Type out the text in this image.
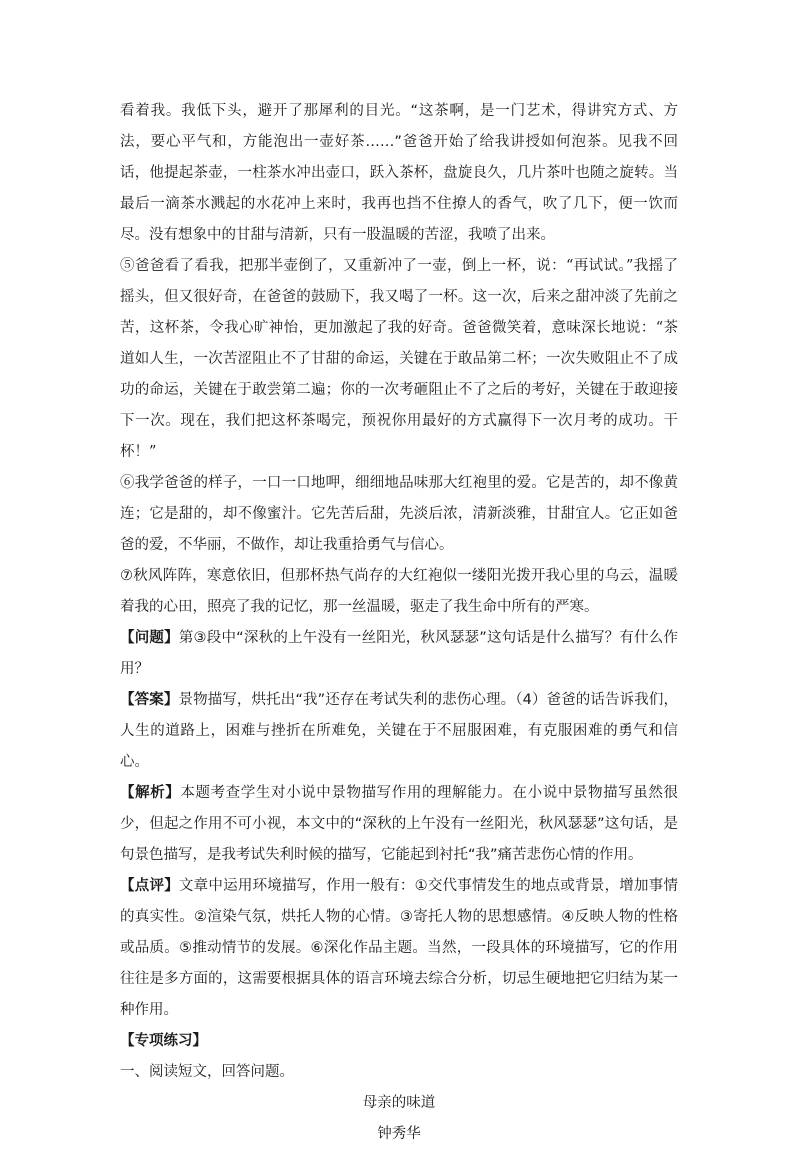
看着我。我低下头，避开了那犀利的目光。“这茶啊，是一门艺术，得讲究方式、方法，要心平气和，方能泡出一壶好茶……”爸爸开始了给我讲授如何泡茶。见我不回话，他提起茶壶，一柱茶水冲出壶口，跃入茶杯，盘旋良久，几片茶叶也随之旋转。当最后一滴茶水溅起的水花冲上来时，我再也挡不住撩人的香气，吹了几下，便一饮而尽。没有想象中的甘甜与清新，只有一股温暖的苦涩，我喷了出来。

⑤爸爸看了看我，把那半壶倒了，又重新冲了一壶，倒上一杯，说：“再试试。”我摇了摇头，但又很好奇，在爸爸的鼓励下，我又喝了一杯。这一次，后来之甜冲淡了先前之苦，这杯茶，令我心旷神怡，更加激起了我的好奇。爸爸微笑着，意味深长地说：“茶道如人生，一次苦涩阻止不了甘甜的命运，关键在于敢品第二杯；一次失败阻止不了成功的命运，关键在于敢尝第二遍；你的一次考砸阻止不了之后的考好，关键在于敢迎接下一次。现在，我们把这杯茶喝完，预祝你用最好的方式赢得下一次月考的成功。干杯！”

⑥我学爸爸的样子，一口一口地呷，细细地品味那大红袍里的爱。它是苦的，却不像黄连；它是甜的，却不像蜜汁。它先苦后甜，先淡后浓，清新淡雅，甘甜宜人。它正如爸爸的爱，不华丽，不做作，却让我重拾勇气与信心。

⑦秋风阵阵，寒意依旧，但那杯热气尚存的大红袍似一缕阳光拨开我心里的乌云，温暖着我的心田，照亮了我的记忆，那一丝温暖，驱走了我生命中所有的严寒。

【问题】第③段中“深秋的上午没有一丝阳光，秋风瑟瑟”这句话是什么描写？有什么作用？

【答案】景物描写，烘托出“我”还存在考试失利的悲伤心理。（4）爸爸的话告诉我们，人生的道路上，困难与挫折在所难免，关键在于不屈服困难，有克服困难的勇气和信心。

【解析】本题考查学生对小说中景物描写作用的理解能力。在小说中景物描写虽然很少，但起之作用不可小视，本文中的“深秋的上午没有一丝阳光，秋风瑟瑟”这句话，是句景色描写，是我考试失利时候的描写，它能起到衬托“我”痛苦悲伤心情的作用。

【点评】文章中运用环境描写，作用一般有：①交代事情发生的地点或背景，增加事情的真实性。②渲染气氛，烘托人物的心情。③寄托人物的思想感情。④反映人物的性格或品质。⑤推动情节的发展。⑥深化作品主题。当然，一段具体的环境描写，它的作用往往是多方面的，这需要根据具体的语言环境去综合分析，切忌生硬地把它归结为某一种作用。

【专项练习】

一、阅读短文，回答问题。

母亲的味道

钟秀华
